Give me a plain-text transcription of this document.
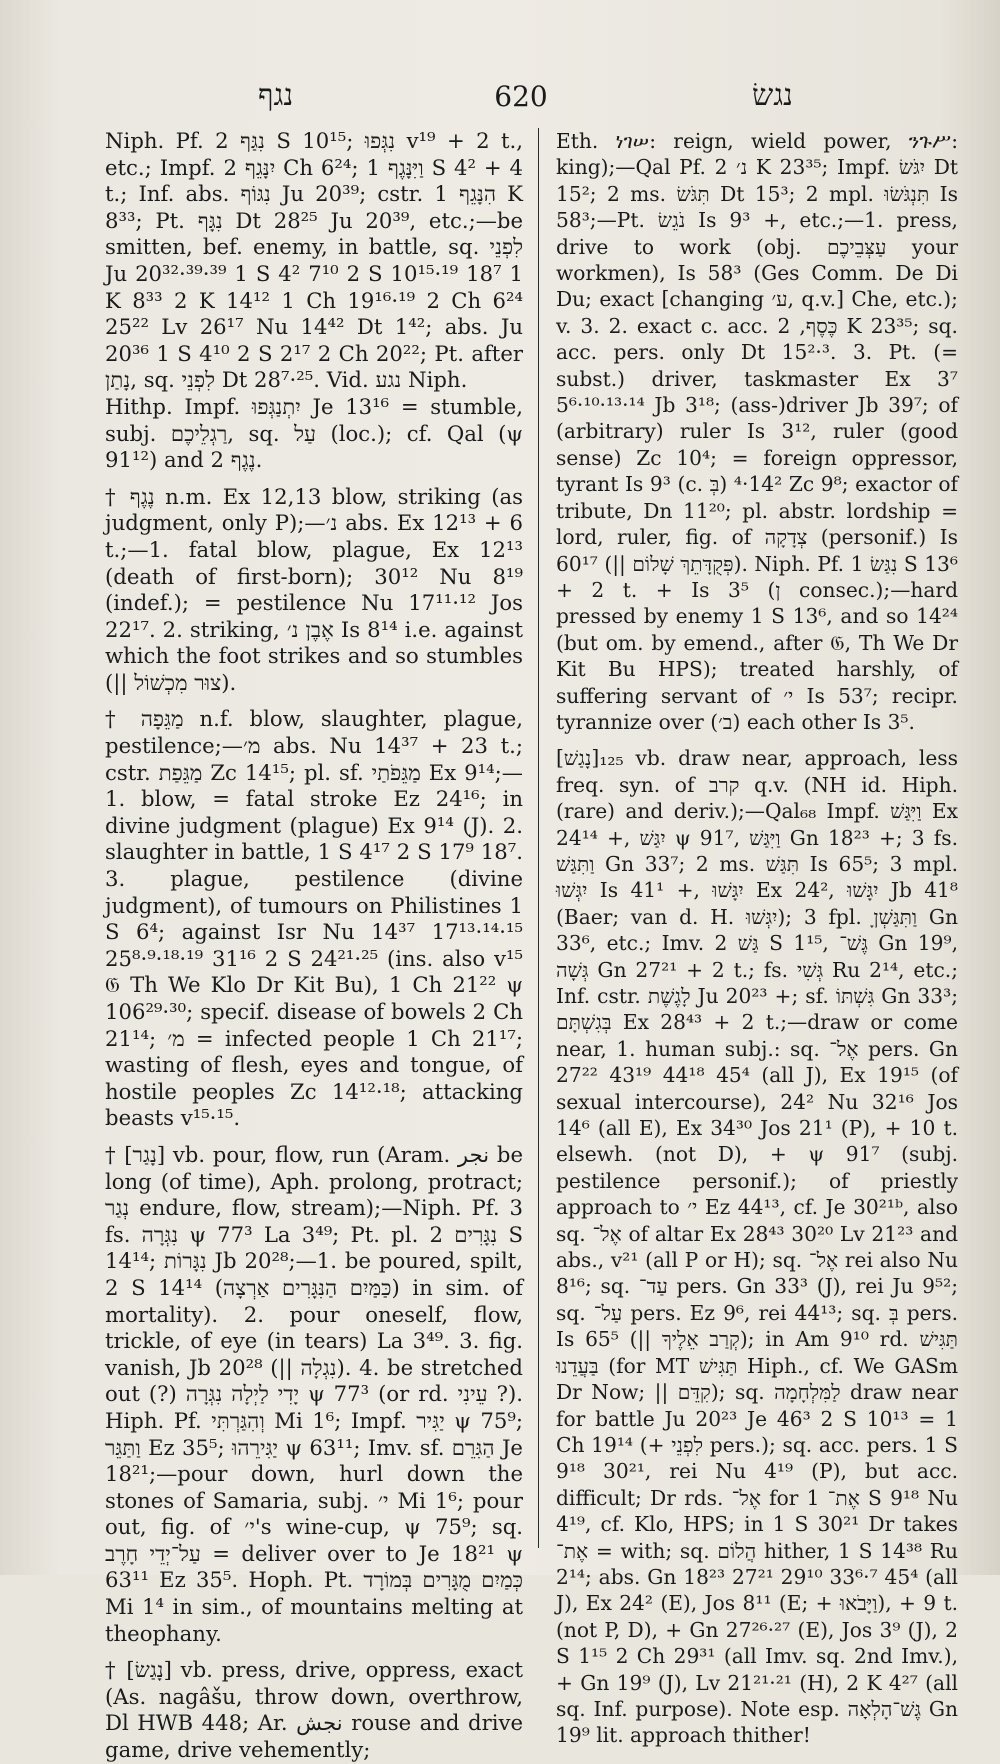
נגף	620	נגשׂ

Niph. Pf. נִגַּף 2 S 10¹⁵; נִגְּפוּ v¹⁹ + 2 t., etc.; Impf. יִנָּגֵף 2 Ch 6²⁴; וַיִּנָּגֶף 1 S 4² + 4 t.; Inf. abs. נִגּוֹף Ju 20³⁹; cstr. הִנָּגֵף 1 K 8³³; Pt. נִגָּף Dt 28²⁵ Ju 20³⁹, etc.;—be smitten, bef. enemy, in battle, sq. לִפְנֵי Ju 20³²·³⁹·³⁹ 1 S 4² 7¹⁰ 2 S 10¹⁵·¹⁹ 18⁷ 1 K 8³³ 2 K 14¹² 1 Ch 19¹⁶·¹⁹ 2 Ch 6²⁴ 25²² Lv 26¹⁷ Nu 14⁴² Dt 1⁴²; abs. Ju 20³⁶ 1 S 4¹⁰ 2 S 2¹⁷ 2 Ch 20²²; Pt. after נָתַן, sq. לִפְנֵי Dt 28⁷·²⁵. Vid. נגע Niph.

Hithp. Impf. יִתְנַגְּפוּ Je 13¹⁶ = stumble, subj. רַגְלֵיכֶם, sq. עַל (loc.); cf. Qal (ψ 91¹²) and נֶגֶף 2.

† נֶגֶף n.m. Ex 12,13 blow, striking (as judgment, only P);—נ׳ abs. Ex 12¹³ + 6 t.;—1. fatal blow, plague, Ex 12¹³ (death of first-born); 30¹² Nu 8¹⁹ (indef.); = pestilence Nu 17¹¹·¹² Jos 22¹⁷. 2. striking, אֶבֶן נ׳ Is 8¹⁴ i.e. against which the foot strikes and so stumbles (|| צוּר מִכְשׁוֹל).

† מַגֵּפָה n.f. blow, slaughter, plague, pestilence;—מ׳ abs. Nu 14³⁷ + 23 t.; cstr. מַגֵּפַת Zc 14¹⁵; pl. sf. מַגֵּפֹתַי Ex 9¹⁴;—1. blow, = fatal stroke Ez 24¹⁶; in divine judgment (plague) Ex 9¹⁴ (J). 2. slaughter in battle, 1 S 4¹⁷ 2 S 17⁹ 18⁷. 3. plague, pestilence (divine judgment), of tumours on Philistines 1 S 6⁴; against Isr Nu 14³⁷ 17¹³·¹⁴·¹⁵ 25⁸·⁹·¹⁸·¹⁹ 31¹⁶ 2 S 24²¹·²⁵ (ins. also v¹⁵ 𝔊 Th We Klo Dr Kit Bu), 1 Ch 21²² ψ 106²⁹·³⁰; specif. disease of bowels 2 Ch 21¹⁴; מ׳ = infected people 1 Ch 21¹⁷; wasting of flesh, eyes and tongue, of hostile peoples Zc 14¹²·¹⁸; attacking beasts v¹⁵·¹⁵.

† [נָגַר] vb. pour, flow, run (Aram. نجر be long (of time), Aph. prolong, protract; נְגַר endure, flow, stream);—Niph. Pf. 3 fs. נִגְּרָה ψ 77³ La 3⁴⁹; Pt. pl. נִגָּרִים 2 S 14¹⁴; נִגָּרוֹת Jb 20²⁸;—1. be poured, spilt, 2 S 14¹⁴ (כַּמַּיִם הַנִּגָּרִים אַרְצָה) in sim. of mortality). 2. pour oneself, flow, trickle, of eye (in tears) La 3⁴⁹. 3. fig. vanish, Jb 20²⁸ (|| נִגְלָה). 4. be stretched out (?) יָדִי לַיְלָה נִגְּרָה ψ 77³ (or rd. עֵינִי ?). Hiph. Pf. וְהִגַּרְתִּי Mi 1⁶; Impf. יַגִּיר ψ 75⁹; וַתַּגֵּר Ez 35⁵; יַגִּירֵהוּ ψ 63¹¹; Imv. sf. הַגִּרֵם Je 18²¹;—pour down, hurl down the stones of Samaria, subj. י׳ Mi 1⁶; pour out, fig. of י׳'s wine-cup, ψ 75⁹; sq. עַל־יְדֵי חָרֶב = deliver over to Je 18²¹ ψ 63¹¹ Ez 35⁵. Hoph. Pt. כְּמַיִם מֻגָּרִים בְּמוֹרָד Mi 1⁴ in sim., of mountains melting at theophany.

† [נָגַשׂ] vb. press, drive, oppress, exact (As. nagâšu, throw down, overthrow, Dl HWB 448; Ar. نجش rouse and drive game, drive vehemently;

Eth. ነገሠ: reign, wield power, ንጉሥ: king);—Qal Pf. נ׳ 2 K 23³⁵; Impf. יִגֹּשׂ Dt 15²; 2 ms. תִּגֹּשׂ Dt 15³; 2 mpl. תִּנְגֹּשׂוּ Is 58³;—Pt. נֹגֵשׂ Is 9³ +, etc.;—1. press, drive to work (obj. עַצְּבֵיכֶם your workmen), Is 58³ (Ges Comm. De Di Du; exact [changing ע׳, q.v.] Che, etc.); v. 3. 2. exact c. acc. כֶּסֶף, 2 K 23³⁵; sq. acc. pers. only Dt 15²·³. 3. Pt. (= subst.) driver, taskmaster Ex 3⁷ 5⁶·¹⁰·¹³·¹⁴ Jb 3¹⁸; (ass-)driver Jb 39⁷; of (arbitrary) ruler Is 3¹², ruler (good sense) Zc 10⁴; = foreign oppressor, tyrant Is 9³ (c. בְּ) 14²·⁴ Zc 9⁸; exactor of tribute, Dn 11²⁰; pl. abstr. lordship = lord, ruler, fig. of צְדָקָה (personif.) Is 60¹⁷ (|| פְּקֻדָּתֵךְ שָׁלוֹם). Niph. Pf. נִגַּשׂ 1 S 13⁶ + 2 t. + Is 3⁵ (ן consec.);—hard pressed by enemy 1 S 13⁶, and so 14²⁴ (but om. by emend., after 𝔊, Th We Dr Kit Bu HPS); treated harshly, of suffering servant of י׳ Is 53⁷; recipr. tyrannize over (ב׳) each other Is 3⁵.

[נָגַשׁ]₁₂₅ vb. draw near, approach, less freq. syn. of קרב q.v. (NH id. Hiph. (rare) and deriv.);—Qal₆₈ Impf. וַיִּגַּשׁ Ex 24¹⁴ +, יִגַּשׁ ψ 91⁷, וַיִּגַּשׁ Gn 18²³ +; 3 fs. וַתִּגַּשׁ Gn 33⁷; 2 ms. תִּגַּשׁ Is 65⁵; 3 mpl. יִגְּשׁוּ Is 41¹ +, יִגָּשׁוּ Ex 24², יִגָּשׁוּ Jb 41⁸ (Baer; van d. H. יִגְּשׁוּ); 3 fpl. וַתִּגַּשְׁןָ Gn 33⁶, etc.; Imv. גַּשׁ 2 S 1¹⁵, גֶּשׁ־ Gn 19⁹, גְּשָׁה Gn 27²¹ + 2 t.; fs. גְּשִׁי Ru 2¹⁴, etc.; Inf. cstr. לָגֶשֶׁת Ju 20²³ +; sf. גִּשְׁתּוֹ Gn 33³; בְּגִשְׁתָּם Ex 28⁴³ + 2 t.;—draw or come near, 1. human subj.: sq. אֶל־ pers. Gn 27²² 43¹⁹ 44¹⁸ 45⁴ (all J), Ex 19¹⁵ (of sexual intercourse), 24² Nu 32¹⁶ Jos 14⁶ (all E), Ex 34³⁰ Jos 21¹ (P), + 10 t. elsewh. (not D), + ψ 91⁷ (subj. pestilence personif.); of priestly approach to י׳ Ez 44¹³, cf. Je 30²¹ᵇ, also sq. אֶל־ of altar Ex 28⁴³ 30²⁰ Lv 21²³ and abs., v²¹ (all P or H); sq. אֶל־ rei also Nu 8¹⁶; sq. עַד־ pers. Gn 33³ (J), rei Ju 9⁵²; sq. עַל־ pers. Ez 9⁶, rei 44¹³; sq. בְּ pers. Is 65⁵ (|| קְרַב אֵלֶיךָ); in Am 9¹⁰ rd. תַּגִּישׁ בַּעֲדֵנוּ (for MT תַּגִּישׁ Hiph., cf. We GASm Dr Now; || קִדֵּם); sq. לַמִּלְחָמָה draw near for battle Ju 20²³ Je 46³ 2 S 10¹³ = 1 Ch 19¹⁴ (+ לִפְנֵי pers.); sq. acc. pers. 1 S 9¹⁸ 30²¹, rei Nu 4¹⁹ (P), but acc. difficult; Dr rds. אֶל־ for אֶת־ 1 S 9¹⁸ Nu 4¹⁹, cf. Klo, HPS; in 1 S 30²¹ Dr takes אֶת־ = with; sq. הֲלוֹם hither, 1 S 14³⁸ Ru 2¹⁴; abs. Gn 18²³ 27²¹ 29¹⁰ 33⁶·⁷ 45⁴ (all J), Ex 24² (E), Jos 8¹¹ (E; + וַיָּבֹאוּ), + 9 t. (not P, D), + Gn 27²⁶·²⁷ (E), Jos 3⁹ (J), 2 S 1¹⁵ 2 Ch 29³¹ (all Imv. sq. 2nd Imv.), + Gn 19⁹ (J), Lv 21²¹·²¹ (H), 2 K 4²⁷ (all sq. Inf. purpose). Note esp. גֶּשׁ־הָלְאָה Gn 19⁹ lit. approach thither!
